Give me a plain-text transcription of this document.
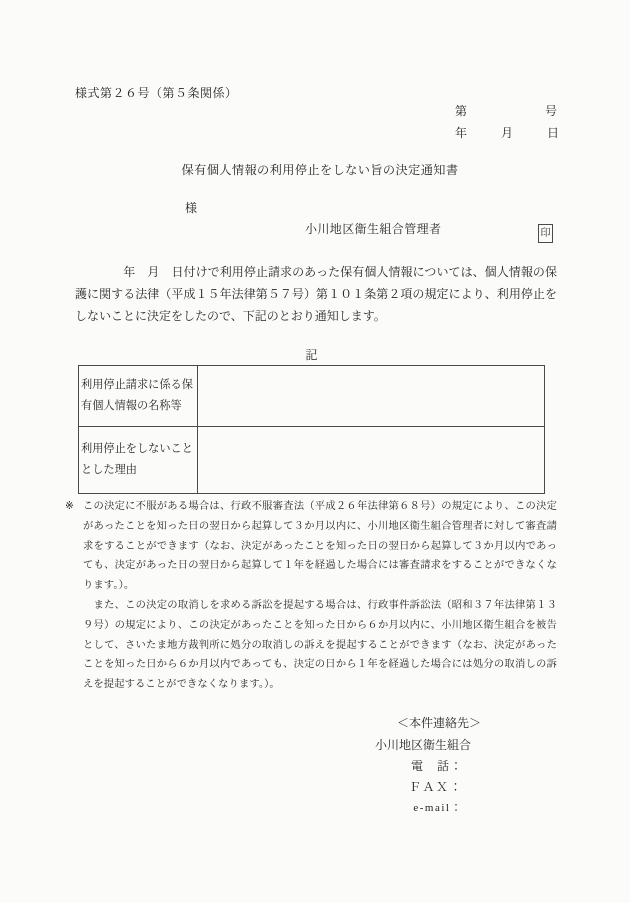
様式第２６号（第５条関係）
第	号
年	月	日
保有個人情報の利用停止をしない旨の決定通知書
様
小川地区衛生組合管理者	印

　　　　年　月　日付けで利用停止請求のあった保有個人情報については、個人情報の保護に関する法律（平成１５年法律第５７号）第１０１条第２項の規定により、利用停止をしないことに決定をしたので、下記のとおり通知します。

記
利用停止請求に係る保有個人情報の名称等	
利用停止をしないこととした理由	
※ この決定に不服がある場合は、行政不服審査法（平成２６年法律第６８号）の規定により、この決定があったことを知った日の翌日から起算して３か月以内に、小川地区衛生組合管理者に対して審査請求をすることができます（なお、決定があったことを知った日の翌日から起算して３か月以内であっても、決定があった日の翌日から起算して１年を経過した場合には審査請求をすることができなくなります。）。

　また、この決定の取消しを求める訴訟を提起する場合は、行政事件訴訟法（昭和３７年法律第１３９号）の規定により、この決定があったことを知った日から６か月以内に、小川地区衛生組合を被告として、さいたま地方裁判所に処分の取消しの訴えを提起することができます（なお、決定があったことを知った日から６か月以内であっても、決定の日から１年を経過した場合には処分の取消しの訴えを提起することができなくなります。）。

＜本件連絡先＞
小川地区衛生組合
電　話：
ＦＡＸ：
e-mail：
